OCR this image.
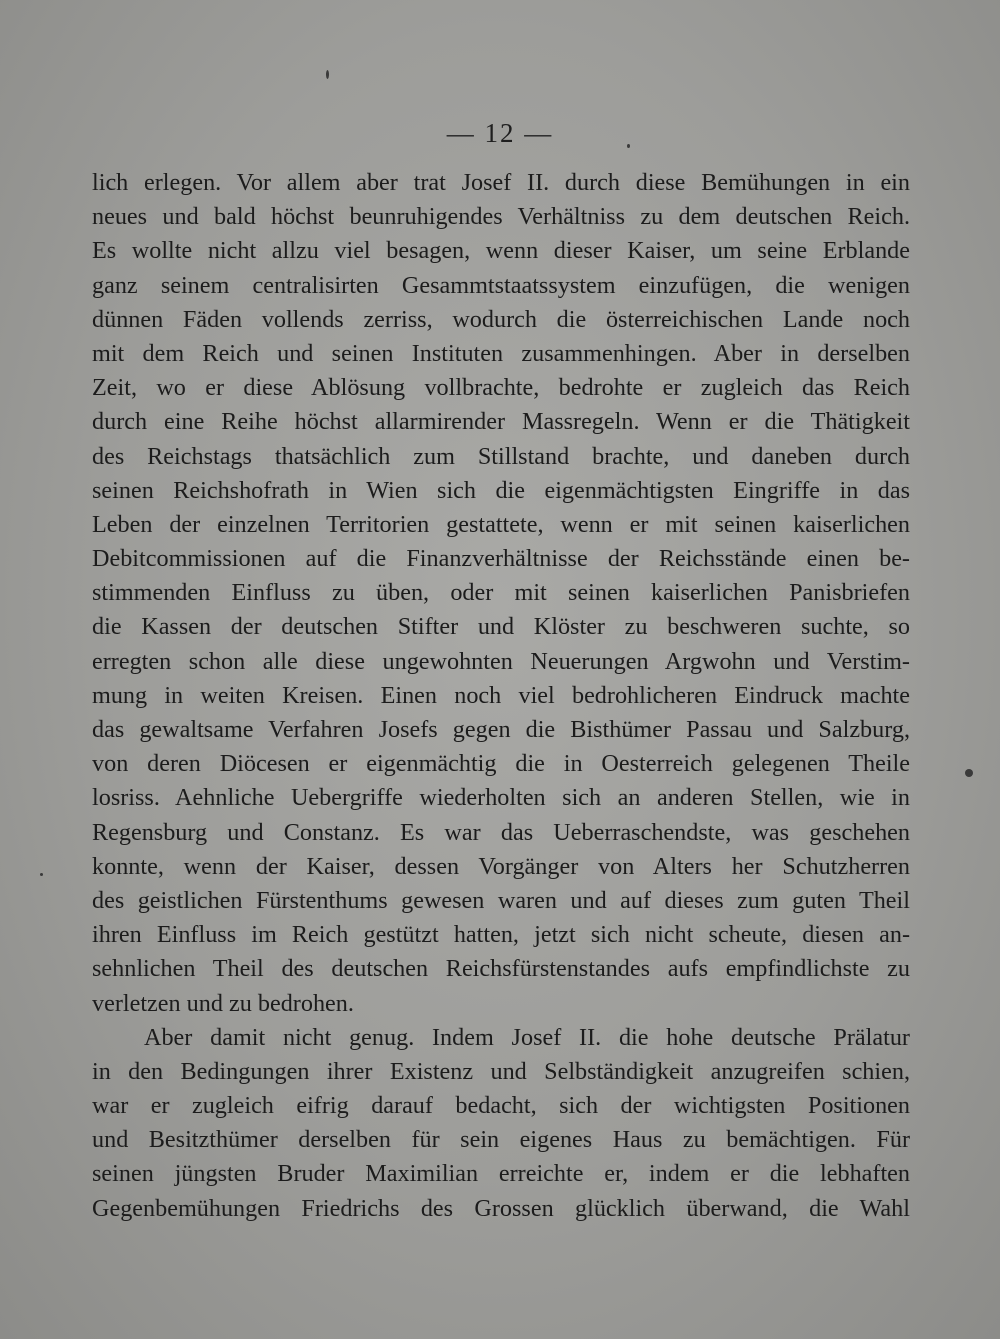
— 12 —
lich erlegen. Vor allem aber trat Josef II. durch diese Bemühungen in ein
neues und bald höchst beunruhigendes Verhältniss zu dem deutschen Reich.
Es wollte nicht allzu viel besagen, wenn dieser Kaiser, um seine Erblande
ganz seinem centralisirten Gesammtstaatssystem einzufügen, die wenigen
dünnen Fäden vollends zerriss, wodurch die österreichischen Lande noch
mit dem Reich und seinen Instituten zusammenhingen. Aber in derselben
Zeit, wo er diese Ablösung vollbrachte, bedrohte er zugleich das Reich
durch eine Reihe höchst allarmirender Massregeln. Wenn er die Thätigkeit
des Reichstags thatsächlich zum Stillstand brachte, und daneben durch
seinen Reichshofrath in Wien sich die eigenmächtigsten Eingriffe in das
Leben der einzelnen Territorien gestattete, wenn er mit seinen kaiserlichen
Debitcommissionen auf die Finanzverhältnisse der Reichsstände einen be-
stimmenden Einfluss zu üben, oder mit seinen kaiserlichen Panisbriefen
die Kassen der deutschen Stifter und Klöster zu beschweren suchte, so
erregten schon alle diese ungewohnten Neuerungen Argwohn und Verstim-
mung in weiten Kreisen. Einen noch viel bedrohlicheren Eindruck machte
das gewaltsame Verfahren Josefs gegen die Bisthümer Passau und Salzburg,
von deren Diöcesen er eigenmächtig die in Oesterreich gelegenen Theile
losriss. Aehnliche Uebergriffe wiederholten sich an anderen Stellen, wie in
Regensburg und Constanz. Es war das Ueberraschendste, was geschehen
konnte, wenn der Kaiser, dessen Vorgänger von Alters her Schutzherren
des geistlichen Fürstenthums gewesen waren und auf dieses zum guten Theil
ihren Einfluss im Reich gestützt hatten, jetzt sich nicht scheute, diesen an-
sehnlichen Theil des deutschen Reichsfürstenstandes aufs empfindlichste zu
verletzen und zu bedrohen.
Aber damit nicht genug. Indem Josef II. die hohe deutsche Prälatur
in den Bedingungen ihrer Existenz und Selbständigkeit anzugreifen schien,
war er zugleich eifrig darauf bedacht, sich der wichtigsten Positionen
und Besitzthümer derselben für sein eigenes Haus zu bemächtigen. Für
seinen jüngsten Bruder Maximilian erreichte er, indem er die lebhaften
Gegenbemühungen Friedrichs des Grossen glücklich überwand, die Wahl
